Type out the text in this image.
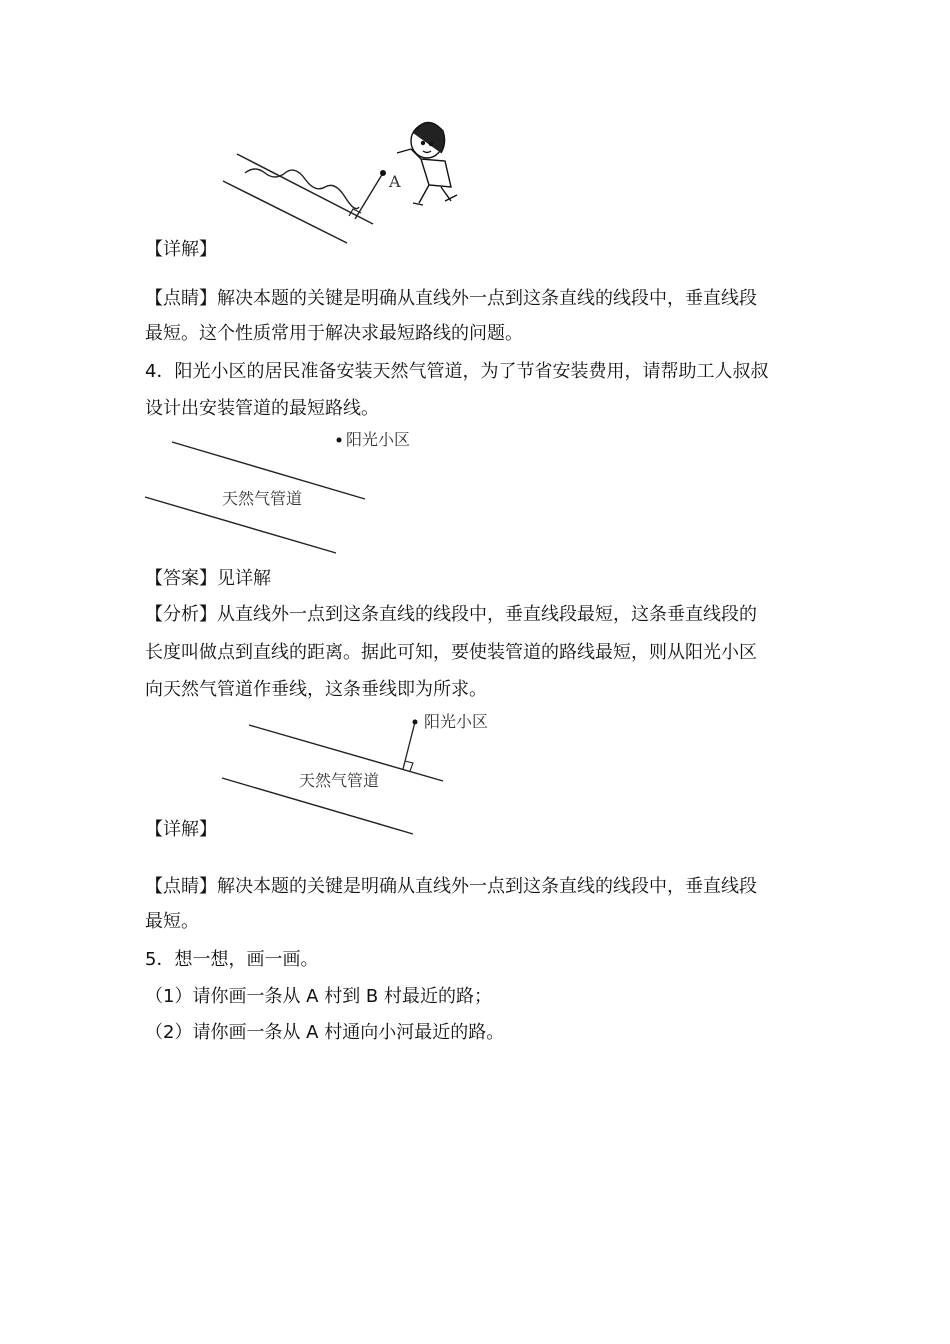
A
【详解】
【点睛】解决本题的关键是明确从直线外一点到这条直线的线段中，垂直线段
最短。这个性质常用于解决求最短路线的问题。
4．阳光小区的居民准备安装天然气管道，为了节省安装费用，请帮助工人叔叔
设计出安装管道的最短路线。
阳光小区
天然气管道
【答案】见详解
【分析】从直线外一点到这条直线的线段中，垂直线段最短，这条垂直线段的
长度叫做点到直线的距离。据此可知，要使装管道的路线最短，则从阳光小区
向天然气管道作垂线，这条垂线即为所求。
阳光小区
天然气管道
【详解】
【点睛】解决本题的关键是明确从直线外一点到这条直线的线段中，垂直线段
最短。
5．想一想，画一画。
（1）请你画一条从 A 村到 B 村最近的路；
（2）请你画一条从 A 村通向小河最近的路。
